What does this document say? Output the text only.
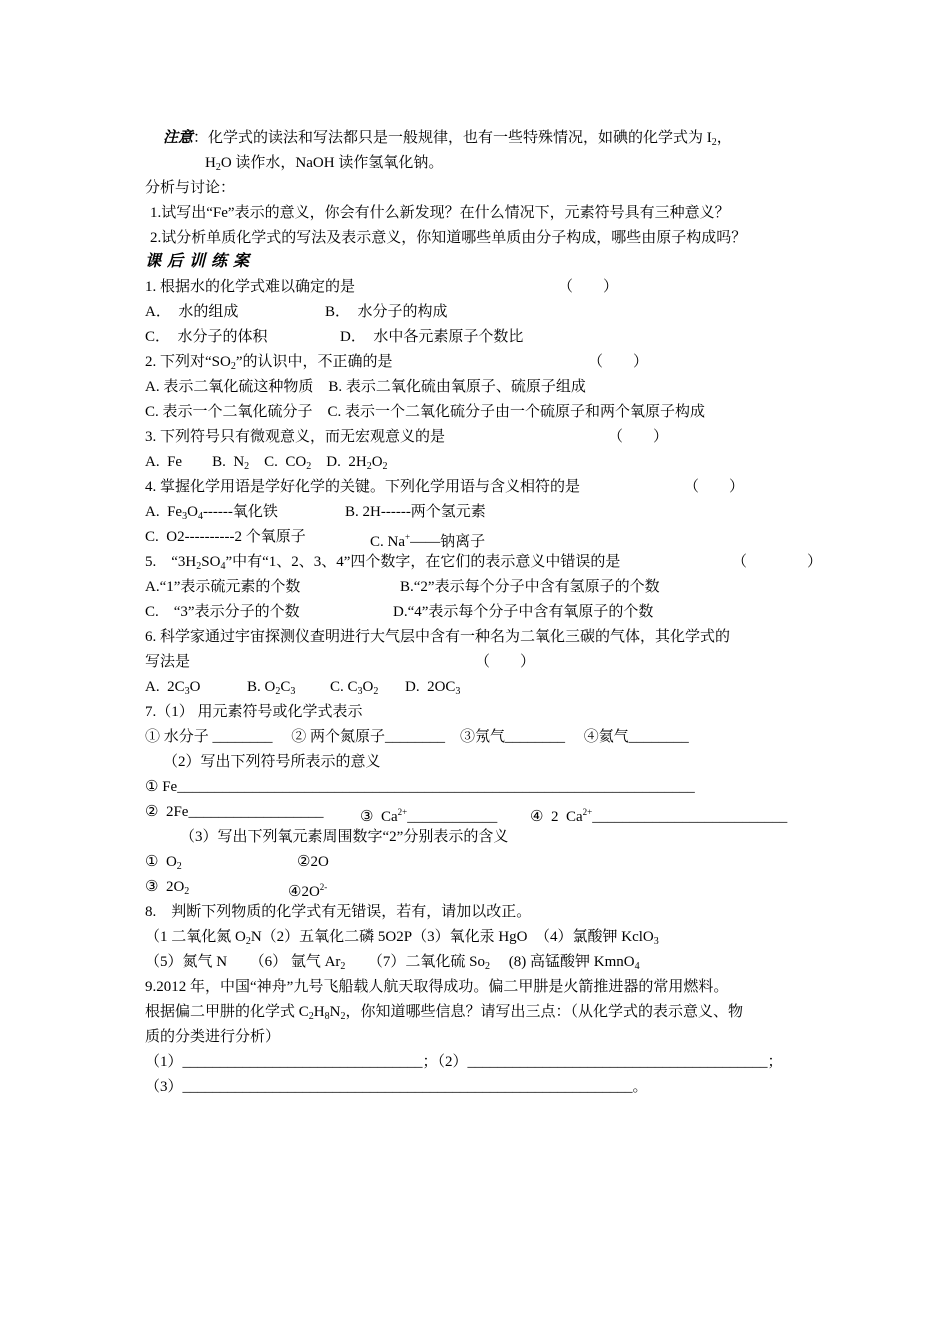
注意：化学式的读法和写法都只是一般规律，也有一些特殊情况，如碘的化学式为 $I_2$，
$H_2O$ 读作水，NaOH 读作氢氧化钠。
分析与讨论：
1.试写出“Fe”表示的意义，你会有什么新发现？在什么情况下，元素符号具有三种意义？
2.试分析单质化学式的写法及表示意义，你知道哪些单质由分子构成，哪些由原子构成吗？
课后训练案
1. 根据水的化学式难以确定的是	（　　）
A．　水的组成	B．　水分子的构成
C．　水分子的体积	D．　水中各元素原子个数比
2. 下列对“$SO_2$”的认识中，不正确的是	（　　）
A. 表示二氧化硫这种物质　B. 表示二氧化硫由氧原子、硫原子组成
C. 表示一个二氧化硫分子　C. 表示一个二氧化硫分子由一个硫原子和两个氧原子构成
3. 下列符号只有微观意义，而无宏观意义的是	（　　）
A.  Fe        B.  $N_2$    C.  $CO_2$    D.  $2H_2O_2$
4. 掌握化学用语是学好化学的关键。下列化学用语与含义相符的是	（　　）
A.  $Fe_3O_4------$氧化铁	B. 2H------两个氢元素
C.  O2----------2 个氧原子	C. Na+——钠离子
5.　“$3H_2SO_4$”中有“1、2、3、4”四个数字，在它们的表示意义中错误的是	（　　　　）
A.“1”表示硫元素的个数	B.“2”表示每个分子中含有氢原子的个数
C.　“3”表示分子的个数	D.“4”表示每个分子中含有氧原子的个数
6. 科学家通过宇宙探测仪查明进行大气层中含有一种名为二氧化三碳的气体，其化学式的
写法是	（　　）
A.  $2C_3O$	B. $O_2C_3$ C. $C_3O_2$ D.  $2OC_3$
7.（1） 用元素符号或化学式表示
① 水分子 ________　 ② 两个氮原子________　③氖气________　 ④氦气________
（2）写出下列符号所表示的意义
① Fe_____________________________________________________________________
②  2Fe__________________ ③  $Ca^{2+}\_\_\_\_\_\_\_\_\_\_\_\_$ ④  2  $Ca^{2+}\_\_\_\_\_\_\_\_\_\_\_\_\_\_\_\_\_\_\_\_\_\_\_\_\_\_$
（3）写出下列氧元素周围数字“2”分别表示的含义
①  $O_2$	②2O
③  $2O_2$	$④2O^{2-}$
8.　判断下列物质的化学式有无错误，若有，请加以改正。
（1 二氧化氮 $O_2N(2)$五氧化二磷 5O2P（3）氧化汞 HgO　（4）氯酸钾 KclO$_3$
（5）氮气 N　　（6） 氩气 $Ar_2$　　（7）二氧化硫 $So_2$　 (8) 高锰酸钾 KmnO$_4$
9.2012 年，中国“神舟”九号飞船载人航天取得成功。偏二甲肼是火箭推进器的常用燃料。
根据偏二甲肼的化学式 $C_2H_8N_2$，你知道哪些信息？请写出三点：（从化学式的表示意义、物
质的分类进行分析）
（1）________________________________；（2）________________________________________；
（3）____________________________________________________________。
